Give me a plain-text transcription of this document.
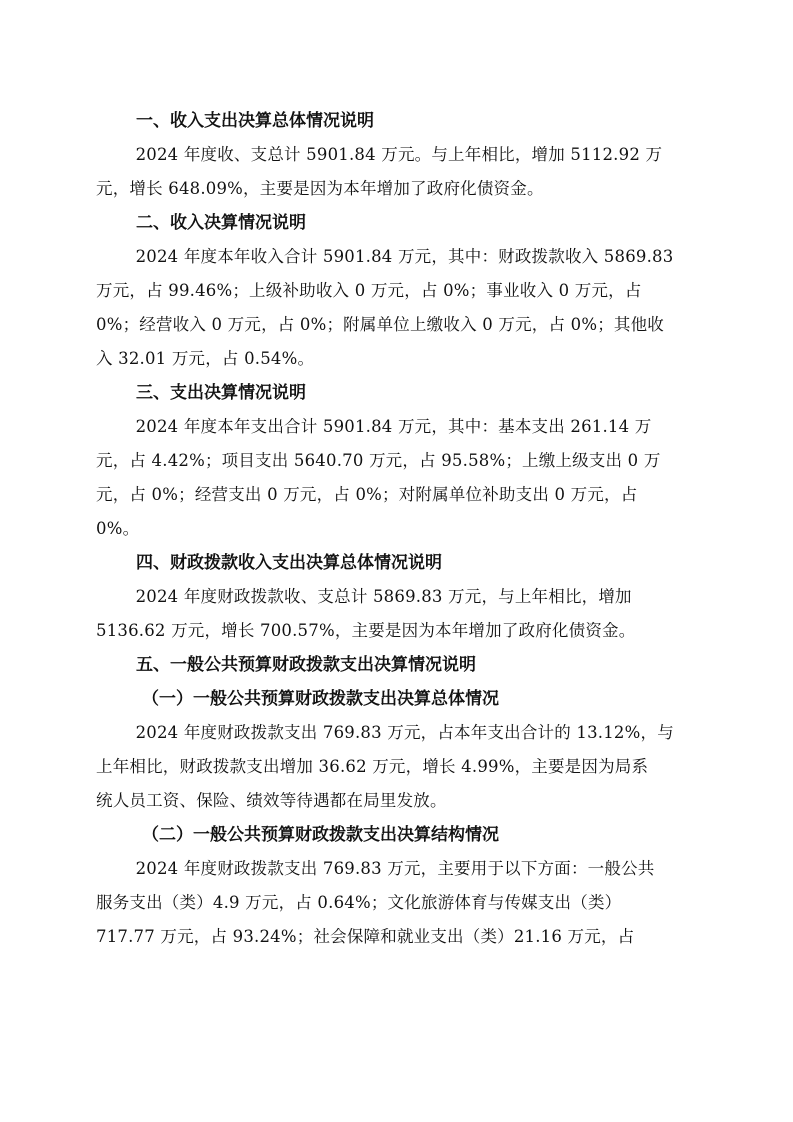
一、收入支出决算总体情况说明
2024 年度收、支总计 5901.84 万元。与上年相比，增加 5112.92 万
元，增长 648.09%，主要是因为本年增加了政府化债资金。
二、收入决算情况说明
2024 年度本年收入合计 5901.84 万元，其中：财政拨款收入 5869.83
万元，占 99.46%；上级补助收入 0 万元，占 0%；事业收入 0 万元，占
0%；经营收入 0 万元，占 0%；附属单位上缴收入 0 万元，占 0%；其他收
入 32.01 万元，占 0.54%。
三、支出决算情况说明
2024 年度本年支出合计 5901.84 万元，其中：基本支出 261.14 万
元，占 4.42%；项目支出 5640.70 万元，占 95.58%；上缴上级支出 0 万
元，占 0%；经营支出 0 万元，占 0%；对附属单位补助支出 0 万元，占
0%。
四、财政拨款收入支出决算总体情况说明
2024 年度财政拨款收、支总计 5869.83 万元，与上年相比，增加
5136.62 万元，增长 700.57%，主要是因为本年增加了政府化债资金。
五、一般公共预算财政拨款支出决算情况说明
（一）一般公共预算财政拨款支出决算总体情况
2024 年度财政拨款支出 769.83 万元，占本年支出合计的 13.12%，与
上年相比，财政拨款支出增加 36.62 万元，增长 4.99%，主要是因为局系
统人员工资、保险、绩效等待遇都在局里发放。
（二）一般公共预算财政拨款支出决算结构情况
2024 年度财政拨款支出 769.83 万元，主要用于以下方面：一般公共
服务支出（类）4.9 万元，占 0.64%；文化旅游体育与传媒支出（类）
717.77 万元，占 93.24%；社会保障和就业支出（类）21.16 万元，占
